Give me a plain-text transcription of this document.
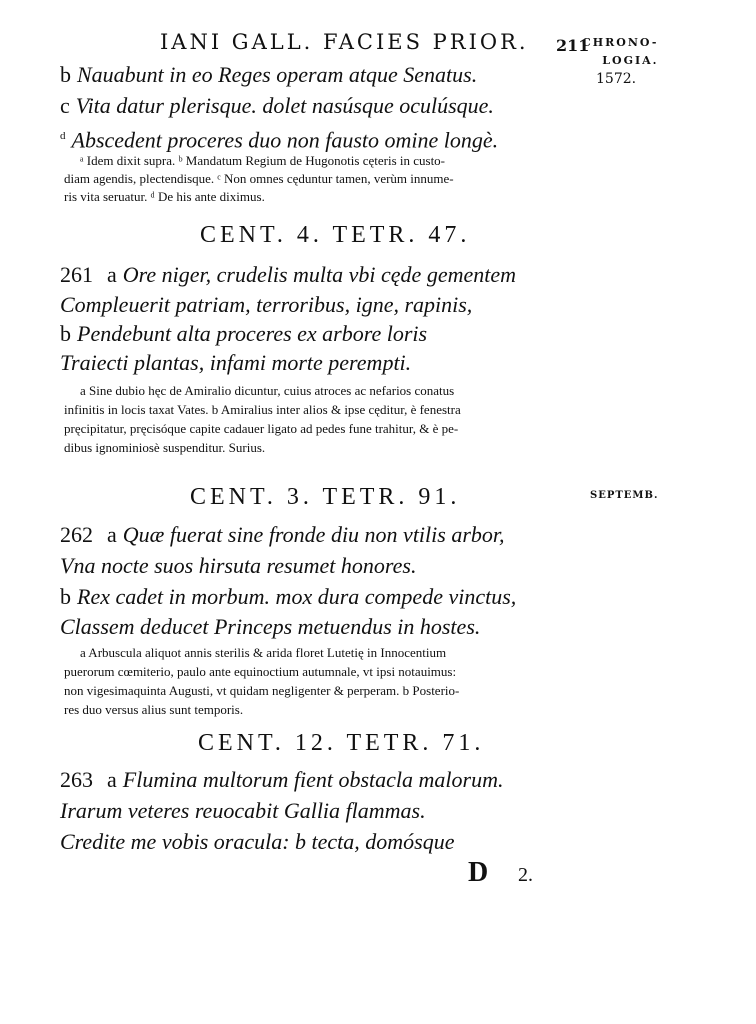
IANI GALL. FACIES PRIOR. 211
CHRONO-
LOGIA.
1572.
SEPTEMB.
b Nauabunt in eo Reges operam atque Senatus.
c Vita datur plerisque. dolet nasúsque oculúsque.
$^d$ Abscedent proceres duo non fausto omine longè.
ᵃ Idem dixit supra. ᵇ Mandatum Regium de Hugonotis cęteris in custo-
diam agendis, plectendisque. ᶜ Non omnes cęduntur tamen, verùm innume-
ris vita seruatur. ᵈ De his ante diximus.
CENT. 4. TETR. 47.
261 a Ore niger, crudelis multa vbi cęde gementem
Compleuerit patriam, terroribus, igne, rapinis,
b Pendebunt alta proceres ex arbore loris
Traiecti plantas, infami morte perempti.
a Sine dubio hęc de Amiralio dicuntur, cuius atroces ac nefarios conatus
infinitis in locis taxat Vates. b Amiralius inter alios & ipse cęditur, è fenestra
pręcipitatur, pręcisóque capite cadauer ligato ad pedes fune trahitur, & è pe-
dibus ignominiosè suspenditur. Surius.
CENT. 3. TETR. 91.
262 a Quæ fuerat sine fronde diu non vtilis arbor,
Vna nocte suos hirsuta resumet honores.
b Rex cadet in morbum. mox dura compede vinctus,
Classem deducet Princeps metuendus in hostes.
a Arbuscula aliquot annis sterilis & arida floret Lutetię in Innocentium
puerorum cœmiterio, paulo ante equinoctium autumnale, vt ipsi notauimus:
non vigesimaquinta Augusti, vt quidam negligenter & perperam. b Posterio-
res duo versus alius sunt temporis.
CENT. 12. TETR. 71.
263 a Flumina multorum fient obstacla malorum.
Irarum veteres reuocabit Gallia flammas.
Credite me vobis oracula: b tecta, domósque
D 2.
